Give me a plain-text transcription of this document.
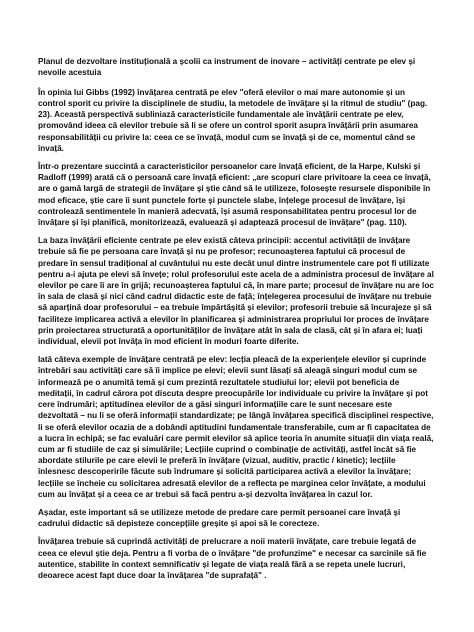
Planul de dezvoltare instituțională a școlii ca instrument de inovare – activități centrate pe elev și nevoile acestuia

În opinia lui Gibbs (1992) învățarea centrată pe elev "oferă elevilor o mai mare autonomie și un control sporit cu privire la disciplinele de studiu, la metodele de învățare și la ritmul de studiu" (pag. 23). Această perspectivă subliniază caracteristicile fundamentale ale învățării centrate pe elev, promovând ideea că elevilor trebuie să li se ofere un control sporit asupra învățării prin asumarea responsabilității cu privire la: ceea ce se învață, modul cum se învață și de ce, momentul când se învață.

Într-o prezentare succintă a caracteristicilor persoanelor care învață eficient, de la Harpe, Kulski și Radloff (1999) arată că o persoană care învață eficient: „are scopuri clare privitoare la ceea ce învață, are o gamă largă de strategii de învățare și știe când să le utilizeze, folosește resursele disponibile în mod eficace, știe care îi sunt punctele forte și punctele slabe, înțelege procesul de învățare, își controlează sentimentele în manieră adecvată, își asumă responsabilitatea pentru procesul lor de învățare și își planifică, monitorizează, evaluează și adaptează procesul de învățare" (pag. 110).

La baza învățării eficiente centrate pe elev există câteva principii: accentul activității de învățare trebuie să fie pe persoana care învață și nu pe profesor; recunoașterea faptului că procesul de predare în sensul tradițional al cuvântului nu este decât unul dintre instrumentele care pot fi utilizate pentru a-i ajuta pe elevi să învețe; rolul profesorului este acela de a administra procesul de învățare al elevilor pe care îi are în grijă; recunoașterea faptului că, în mare parte; procesul de învățare nu are loc în sala de clasă și nici când cadrul didactic este de față; înțelegerea procesului de învățare nu trebuie să aparțină doar profesorului – ea trebuie împărtășită și elevilor; profesorii trebuie să încurajeze și să faciliteze implicarea activă a elevilor în planificarea și administrarea propriului lor proces de învățare prin proiectarea structurată a oportunităților de învățare atât în sala de clasă, cât și în afara ei; luați individual, elevii pot învăța în mod eficient în moduri foarte diferite.

Iată câteva exemple de învățare centrată pe elev: lecția pleacă de la experiențele elevilor și cuprinde întrebări sau activități care să îi implice pe elevi; elevii sunt lăsați să aleagă singuri modul cum se informează pe o anumită temă și cum prezintă rezultatele studiului lor; elevii pot beneficia de meditații, în cadrul cărora pot discuta despre preocupările lor individuale cu privire la învățare și pot cere îndrumări; aptitudinea elevilor de a găsi singuri informațiile care le sunt necesare este dezvoltată – nu li se oferă informații standardizate; pe lângă învățarea specifică disciplinei respective, li se oferă elevilor ocazia de a dobândi aptitudini fundamentale transferabile, cum ar fi capacitatea de a lucra în echipă; se fac evaluări care permit elevilor să aplice teoria în anumite situații din viața reală, cum ar fi studiile de caz și simulările; Lecțiile cuprind o combinație de activități, astfel încât să fie abordate stilurile pe care elevii le preferă în învățare (vizual, auditiv, practic / kinetic); lecțiile înlesnesc descoperirile făcute sub îndrumare și solicită participarea activă a elevilor la învățare; lecțiile se încheie cu solicitarea adresată elevilor de a reflecta pe marginea celor învățate, a modului cum au învățat și a ceea ce ar trebui să facă pentru a-și dezvolta învățarea în cazul lor.

Așadar, este important să se utilizeze metode de predare care permit persoanei care învață și cadrului didactic să depisteze concepțiile greșite și apoi să le corecteze.

Învățarea trebuie să cuprindă activități de prelucrare a noii materii învățate, care trebuie legată de ceea ce elevul știe deja. Pentru a fi vorba de o învățare "de profunzime" e necesar ca sarcinile să fie autentice, stabilite în context semnificativ și legate de viața reală fără a se repeta unele lucruri, deoarece acest fapt duce doar la învățarea "de suprafață" .
